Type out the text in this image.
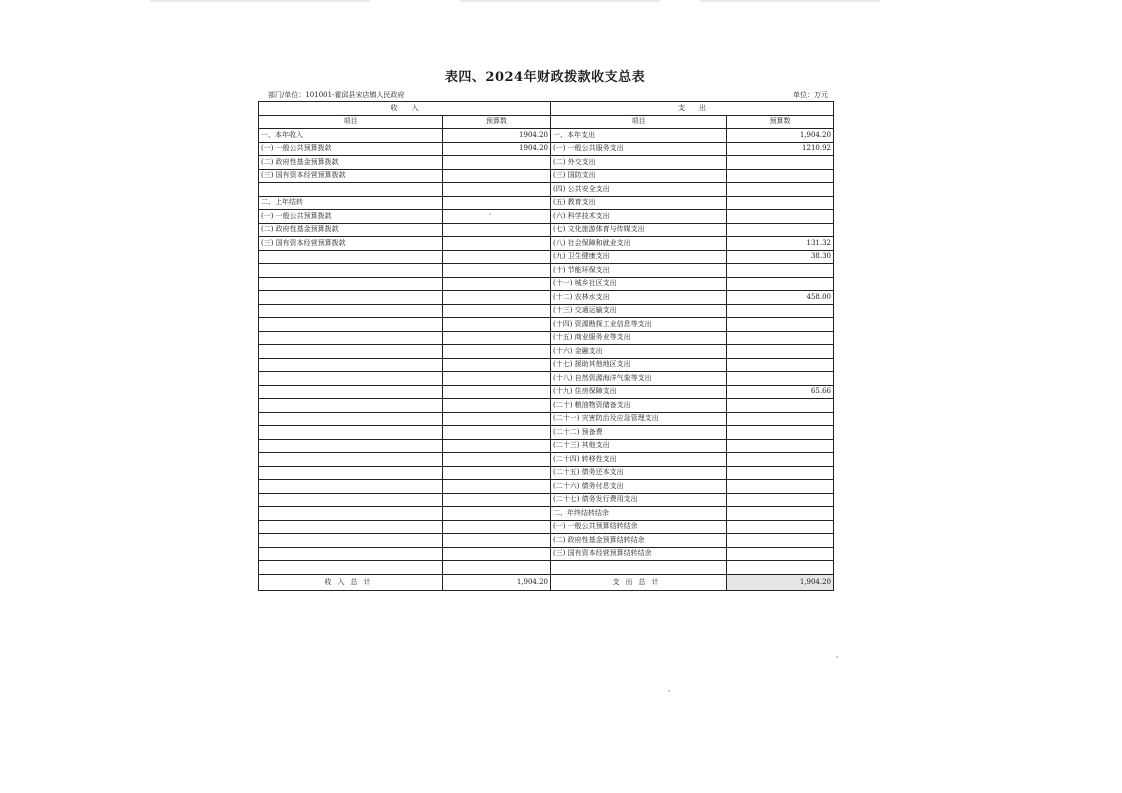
表四、2024年财政拨款收支总表
部门/单位：101001-霍邱县宋店镇人民政府	单位：万元
收　　入		支　　出	
项目	预算数	项目	预算数
一、本年收入	1904.20	一、本年支出	1,904.20
(一) 一般公共预算拨款	1904.20	(一) 一般公共服务支出	1210.92
(二) 政府性基金预算拨款		(二) 外交支出	
(三) 国有资本经营预算拨款		(三) 国防支出	
		(四) 公共安全支出	
二、上年结转		(五) 教育支出	
(一) 一般公共预算拨款		(六) 科学技术支出	
(二) 政府性基金预算拨款		(七) 文化旅游体育与传媒支出	
(三) 国有资本经营预算拨款		(八) 社会保障和就业支出	131.32
		(九) 卫生健康支出	38.30
		(十) 节能环保支出	
		(十一) 城乡社区支出	
		(十二) 农林水支出	458.00
		(十三) 交通运输支出	
		(十四) 资源勘探工业信息等支出	
		(十五) 商业服务业等支出	
		(十六) 金融支出	
		(十七) 援助其他地区支出	
		(十八) 自然资源海洋气象等支出	
		(十九) 住房保障支出	65.66
		(二十) 粮油物资储备支出	
		(二十一) 灾害防治及应急管理支出	
		(二十二) 预备费	
		(二十三) 其他支出	
		(二十四) 转移性支出	
		(二十五) 债务还本支出	
		(二十六) 债务付息支出	
		(二十七) 债务发行费用支出	
		二、年终结转结余	
		(一) 一般公共预算结转结余	
		(二) 政府性基金预算结转结余	
		(三) 国有资本经营预算结转结余	

收入总计	1,904.20	支出总计	1,904.20
